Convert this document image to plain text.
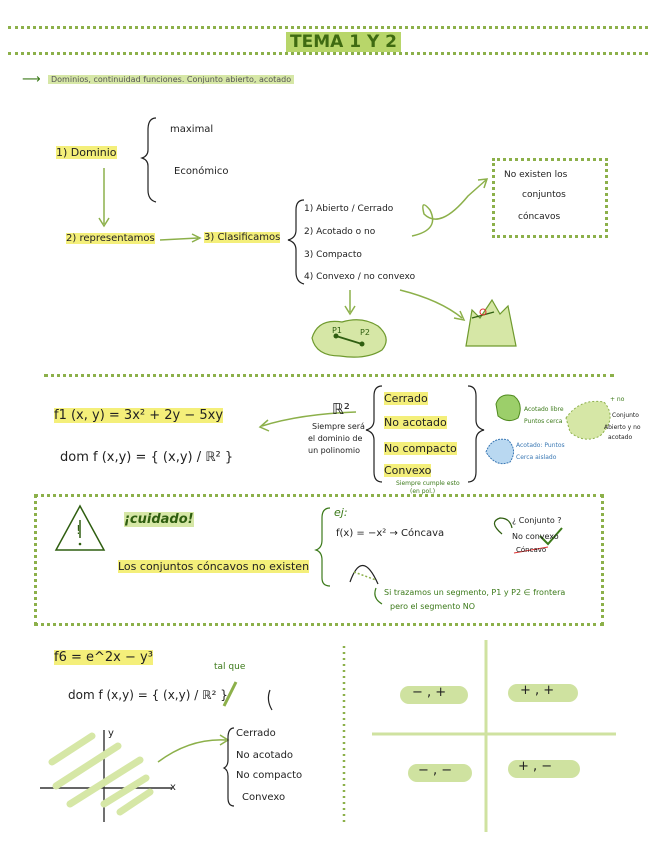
TEMA 1 Y 2
⟶	Dominios, continuidad funciones. Conjunto abierto, acotado
1) Dominio
maximal
Económico
2) representamos	3) Clasificamos
1) Abierto / Cerrado
2) Acotado o no
3) Compacto
4) Convexo / no convexo
No existen los
conjuntos
cóncavos
P1 P2
f1 (x, y) = 3x² + 2y − 5xy
dom f (x,y) = { (x,y) / ℝ² }
ℝ²
Siempre será
el dominio de
un polinomio
Cerrado
No acotado
No compacto
Convexo
Siempre cumple esto
(en pol.)
Acotado libre
Puntos cerca
Acotado: Puntos
Cerca aislado
+ no
Conjunto
Abierto y no
acotado
!
¡cuidado!
Los conjuntos cóncavos no existen
ej:
f(x) = −x² → Cóncava
¿ Conjunto ?
No convexo
Cóncavo
Si trazamos un segmento, P1 y P2 ∈ frontera
pero el segmento NO
f6 = e^2x − y³
tal que
dom f (x,y) = { (x,y) / ℝ² }
Cerrado
No acotado
No compacto
Convexo
y
x
− , +	+ , +
− , −	+ , −
